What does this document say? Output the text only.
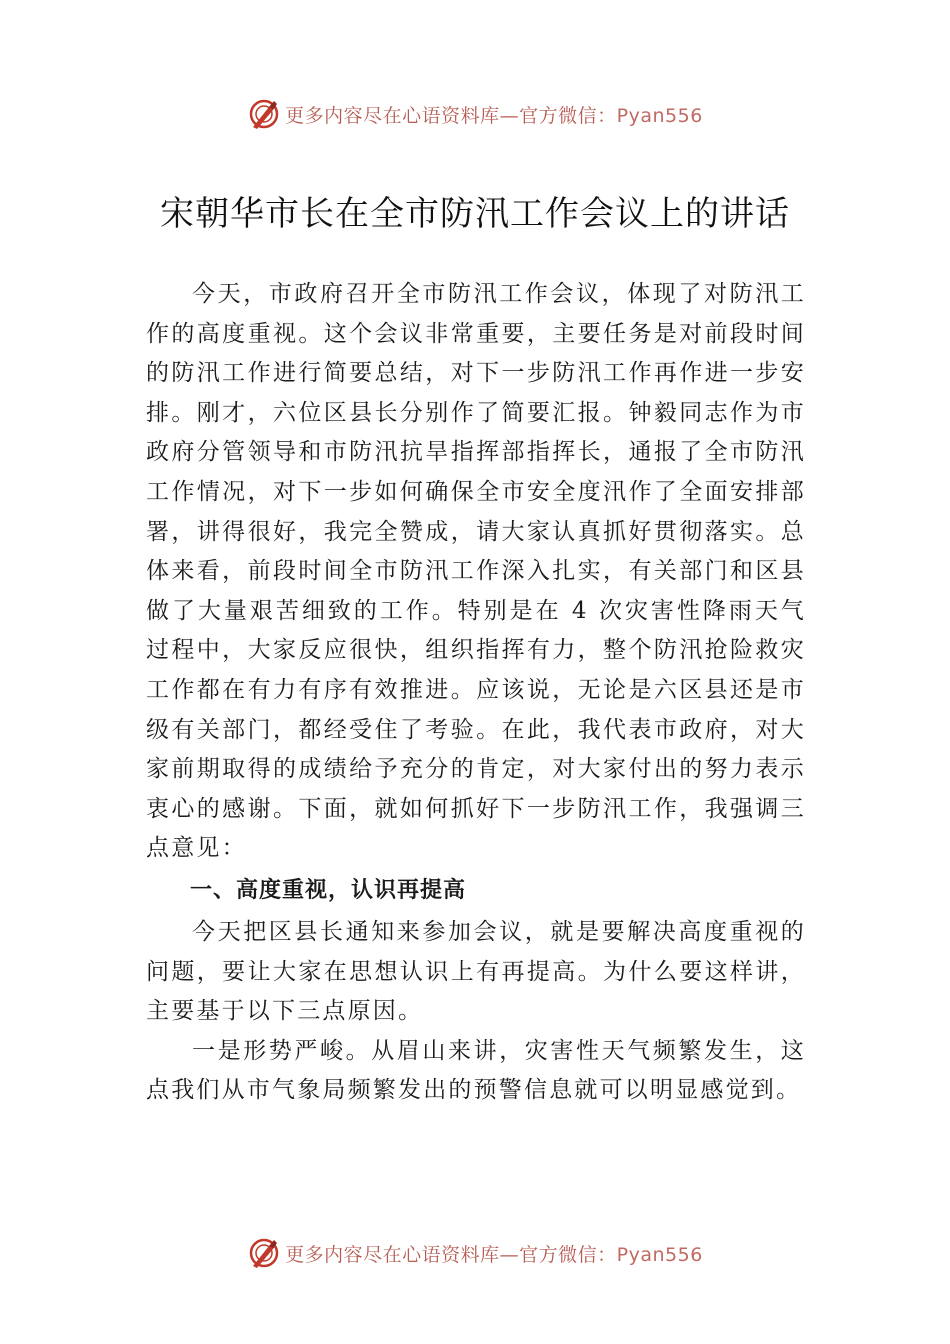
更多内容尽在心语资料库—官方微信：Pyan556
宋朝华市长在全市防汛工作会议上的讲话

今天，市政府召开全市防汛工作会议，体现了对防汛工作的高度重视。这个会议非常重要，主要任务是对前段时间的防汛工作进行简要总结，对下一步防汛工作再作进一步安排。刚才，六位区县长分别作了简要汇报。钟毅同志作为市政府分管领导和市防汛抗旱指挥部指挥长，通报了全市防汛工作情况，对下一步如何确保全市安全度汛作了全面安排部署，讲得很好，我完全赞成，请大家认真抓好贯彻落实。总体来看，前段时间全市防汛工作深入扎实，有关部门和区县做了大量艰苦细致的工作。特别是在 4 次灾害性降雨天气过程中，大家反应很快，组织指挥有力，整个防汛抢险救灾工作都在有力有序有效推进。应该说，无论是六区县还是市级有关部门，都经受住了考验。在此，我代表市政府，对大家前期取得的成绩给予充分的肯定，对大家付出的努力表示衷心的感谢。下面，就如何抓好下一步防汛工作，我强调三点意见：

一、高度重视，认识再提高

今天把区县长通知来参加会议，就是要解决高度重视的问题，要让大家在思想认识上有再提高。为什么要这样讲，主要基于以下三点原因。

一是形势严峻。从眉山来讲，灾害性天气频繁发生，这点我们从市气象局频繁发出的预警信息就可以明显感觉到。

更多内容尽在心语资料库—官方微信：Pyan556
